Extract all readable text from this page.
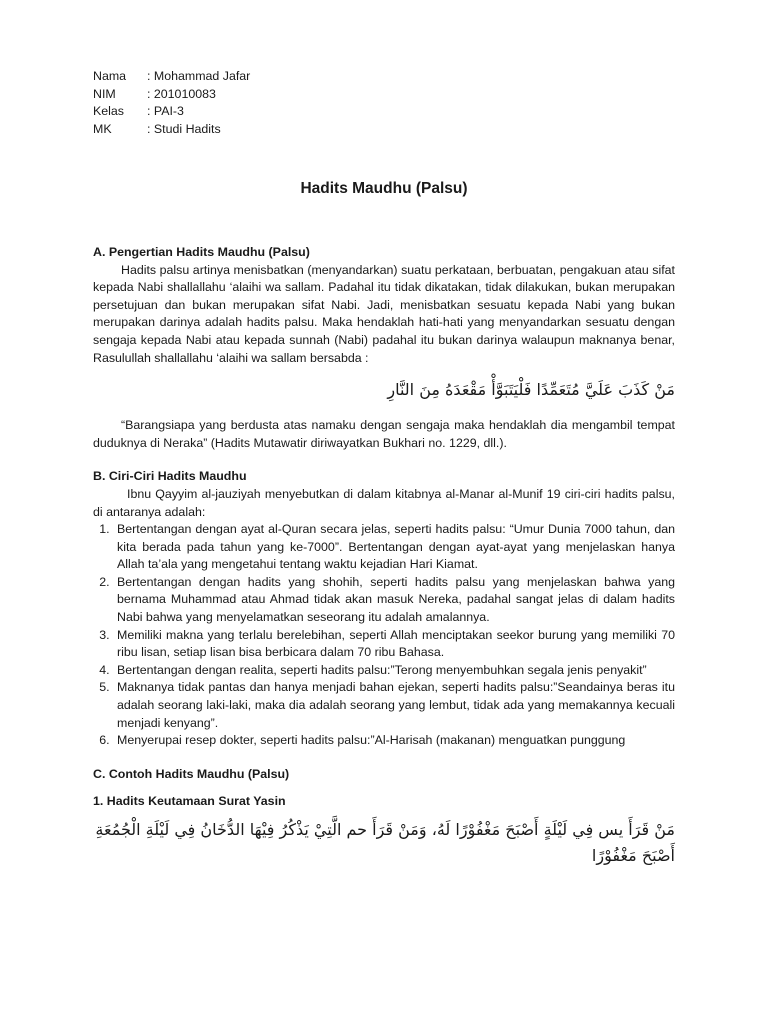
Nama	: Mohammad Jafar
NIM	: 201010083
Kelas	: PAI-3
MK	: Studi Hadits
Hadits Maudhu (Palsu)
A. Pengertian Hadits Maudhu (Palsu)

Hadits palsu artinya menisbatkan (menyandarkan) suatu perkataan, berbuatan, pengakuan atau sifat kepada Nabi shallallahu ‘alaihi wa sallam. Padahal itu tidak dikatakan, tidak dilakukan, bukan merupakan persetujuan dan bukan merupakan sifat Nabi. Jadi, menisbatkan sesuatu kepada Nabi yang bukan merupakan darinya adalah hadits palsu. Maka hendaklah hati-hati yang menyandarkan sesuatu dengan sengaja kepada Nabi atau kepada sunnah (Nabi) padahal itu bukan darinya walaupun maknanya benar, Rasulullah shallallahu ‘alaihi wa sallam bersabda :

مَنْ كَذَبَ عَلَيَّ مُتَعَمِّدًا فَلْيَتَبَوَّأْ مَقْعَدَهُ مِنَ النَّارِ

“Barangsiapa yang berdusta atas namaku dengan sengaja maka hendaklah dia mengambil tempat duduknya di Neraka” (Hadits Mutawatir diriwayatkan Bukhari no. 1229, dll.).

B. Ciri-Ciri Hadits Maudhu

Ibnu Qayyim al-jauziyah menyebutkan di dalam kitabnya al-Manar al-Munif 19 ciri-ciri hadits palsu, di antaranya adalah:

1. Bertentangan dengan ayat al-Quran secara jelas, seperti hadits palsu: “Umur Dunia 7000 tahun, dan kita berada pada tahun yang ke-7000”. Bertentangan dengan ayat-ayat yang menjelaskan hanya Allah ta’ala yang mengetahui tentang waktu kejadian Hari Kiamat.
2. Bertentangan dengan hadits yang shohih, seperti hadits palsu yang menjelaskan bahwa yang bernama Muhammad atau Ahmad tidak akan masuk Nereka, padahal sangat jelas di dalam hadits Nabi bahwa yang menyelamatkan seseorang itu adalah amalannya.
3. Memiliki makna yang terlalu berelebihan, seperti Allah menciptakan seekor burung yang memiliki 70 ribu lisan, setiap lisan bisa berbicara dalam 70 ribu Bahasa.
4. Bertentangan dengan realita, seperti hadits palsu:”Terong menyembuhkan segala jenis penyakit”
5. Maknanya tidak pantas dan hanya menjadi bahan ejekan, seperti hadits palsu:”Seandainya beras itu adalah seorang laki-laki, maka dia adalah seorang yang lembut, tidak ada yang memakannya kecuali menjadi kenyang”.
6. Menyerupai resep dokter, seperti hadits palsu:”Al-Harisah (makanan) menguatkan punggung
C. Contoh Hadits Maudhu (Palsu)
1. Hadits Keutamaan Surat Yasin
مَنْ قَرَأَ يس فِي لَيْلَةٍ أَصْبَحَ مَغْفُوْرًا لَهُ، وَمَنْ قَرَأَ حم الَّتِيْ يَذْكُرُ فِيْهَا الدُّخَانُ فِي لَيْلَةِ الْجُمُعَةِ أَصْبَحَ مَغْفُوْرًا
